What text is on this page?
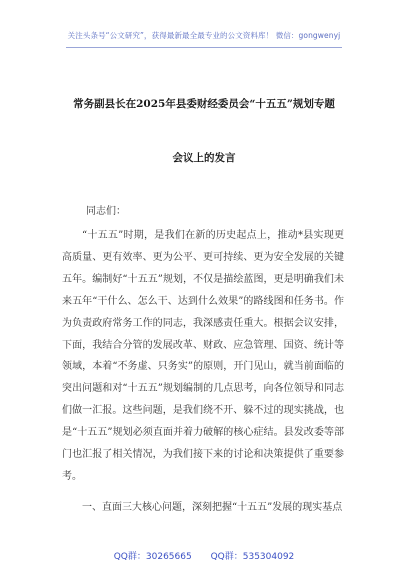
关注头条号“公文研究”，获得最新最全最专业的公文资料库！ 微信：gongwenyj
常务副县长在2025年县委财经委员会“十五五”规划专题
会议上的发言
同志们：
“十五五”时期，是我们在新的历史起点上，推动*县实现更高质量、更有效率、更为公平、更可持续、更为安全发展的关键五年。编制好“十五五”规划，不仅是描绘蓝图，更是明确我们未来五年“干什么、怎么干、达到什么效果”的路线图和任务书。作为负责政府常务工作的同志，我深感责任重大。根据会议安排，下面，我结合分管的发展改革、财政、应急管理、国资、统计等领域，本着“不务虚、只务实”的原则，开门见山，就当前面临的突出问题和对“十五五”规划编制的几点思考，向各位领导和同志们做一汇报。这些问题，是我们绕不开、躲不过的现实挑战，也是“十五五”规划必须直面并着力破解的核心症结。县发改委等部门也汇报了相关情况，为我们接下来的讨论和决策提供了重要参考。
一、直面三大核心问题，深刻把握“十五五”发展的现实基点
QQ群：30265665 QQ群：535304092
